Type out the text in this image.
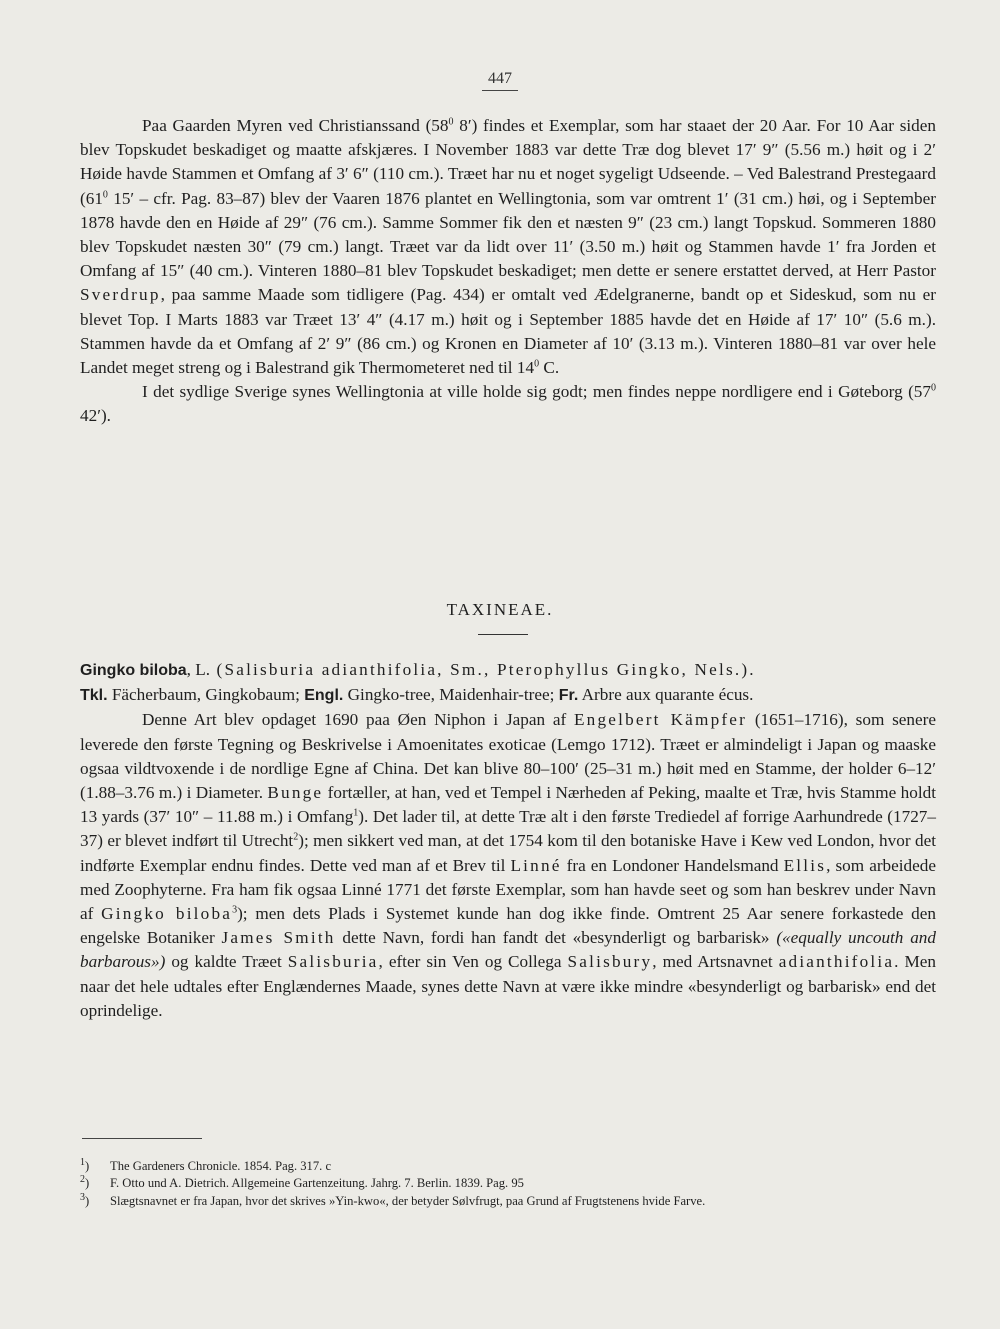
447

Paa Gaarden Myren ved Christianssand ($58^0$ 8′) findes et Exemplar, som har staaet der 20 Aar. For 10 Aar siden blev Topskudet beskadiget og maatte afskjæres. I November 1883 var dette Træ dog blevet 17′ 9″ (5.56 m.) høit og i 2′ Høide havde Stammen et Omfang af 3′ 6″ (110 cm.). Træet har nu et noget sygeligt Udseende. – Ved Balestrand Prestegaard ($61^0$ 15′ – cfr. Pag. 83–87) blev der Vaaren 1876 plantet en Wellingtonia, som var omtrent 1′ (31 cm.) høi, og i September 1878 havde den en Høide af 29″ (76 cm.). Samme Sommer fik den et næsten 9″ (23 cm.) langt Topskud. Sommeren 1880 blev Topskudet næsten 30″ (79 cm.) langt. Træet var da lidt over 11′ (3.50 m.) høit og Stammen havde 1′ fra Jorden et Omfang af 15″ (40 cm.). Vinteren 1880–81 blev Topskudet beskadiget; men dette er senere erstattet derved, at Herr Pastor Sverdrup, paa samme Maade som tidligere (Pag. 434) er omtalt ved Ædelgranerne, bandt op et Sideskud, som nu er blevet Top. I Marts 1883 var Træet 13′ 4″ (4.17 m.) høit og i September 1885 havde det en Høide af 17′ 10″ (5.6 m.). Stammen havde da et Omfang af 2′ 9″ (86 cm.) og Kronen en Diameter af 10′ (3.13 m.). Vinteren 1880–81 var over hele Landet meget streng og i Balestrand gik Thermometeret ned til $14^0$ C.

I det sydlige Sverige synes Wellingtonia at ville holde sig godt; men findes neppe nordligere end i Gøteborg ($57^0$ 42′).

TAXINEAE.

Gingko biloba, L. (Salisburia adianthifolia, Sm., Pterophyllus Gingko, Nels.).

Tkl. Fächerbaum, Gingkobaum; Engl. Gingko-tree, Maidenhair-tree; Fr. Arbre aux quarante écus.

Denne Art blev opdaget 1690 paa Øen Niphon i Japan af Engelbert Kämpfer (1651–1716), som senere leverede den første Tegning og Beskrivelse i Amoenitates exoticae (Lemgo 1712). Træet er almindeligt i Japan og maaske ogsaa vildtvoxende i de nordlige Egne af China. Det kan blive 80–100′ (25–31 m.) høit med en Stamme, der holder 6–12′ (1.88–3.76 m.) i Diameter. Bunge fortæller, at han, ved et Tempel i Nærheden af Peking, maalte et Træ, hvis Stamme holdt 13 yards (37′ 10″ – 11.88 m.) i Omfang$^1$). Det lader til, at dette Træ alt i den første Trediedel af forrige Aarhundrede (1727–37) er blevet indført til Utrecht$^2$); men sikkert ved man, at det 1754 kom til den botaniske Have i Kew ved London, hvor det indførte Exemplar endnu findes. Dette ved man af et Brev til Linné fra en Londoner Handelsmand Ellis, som arbeidede med Zoophyterne. Fra ham fik ogsaa Linné 1771 det første Exemplar, som han havde seet og som han beskrev under Navn af Gingko biloba$^3$); men dets Plads i Systemet kunde han dog ikke finde. Omtrent 25 Aar senere forkastede den engelske Botaniker James Smith dette Navn, fordi han fandt det «besynderligt og barbarisk» («equally uncouth and barbarous») og kaldte Træet Salisburia, efter sin Ven og Collega Salisbury, med Artsnavnet adianthifolia. Men naar det hele udtales efter Englændernes Maade, synes dette Navn at være ikke mindre «besynderligt og barbarisk» end det oprindelige.

$^1$)	The Gardeners Chronicle. 1854. Pag. 317. c
$^2$)	F. Otto und A. Dietrich. Allgemeine Gartenzeitung. Jahrg. 7. Berlin. 1839. Pag. 95
$^3$)	Slægtsnavnet er fra Japan, hvor det skrives »Yin-kwo«, der betyder Sølvfrugt, paa Grund af Frugtstenens hvide Farve.
